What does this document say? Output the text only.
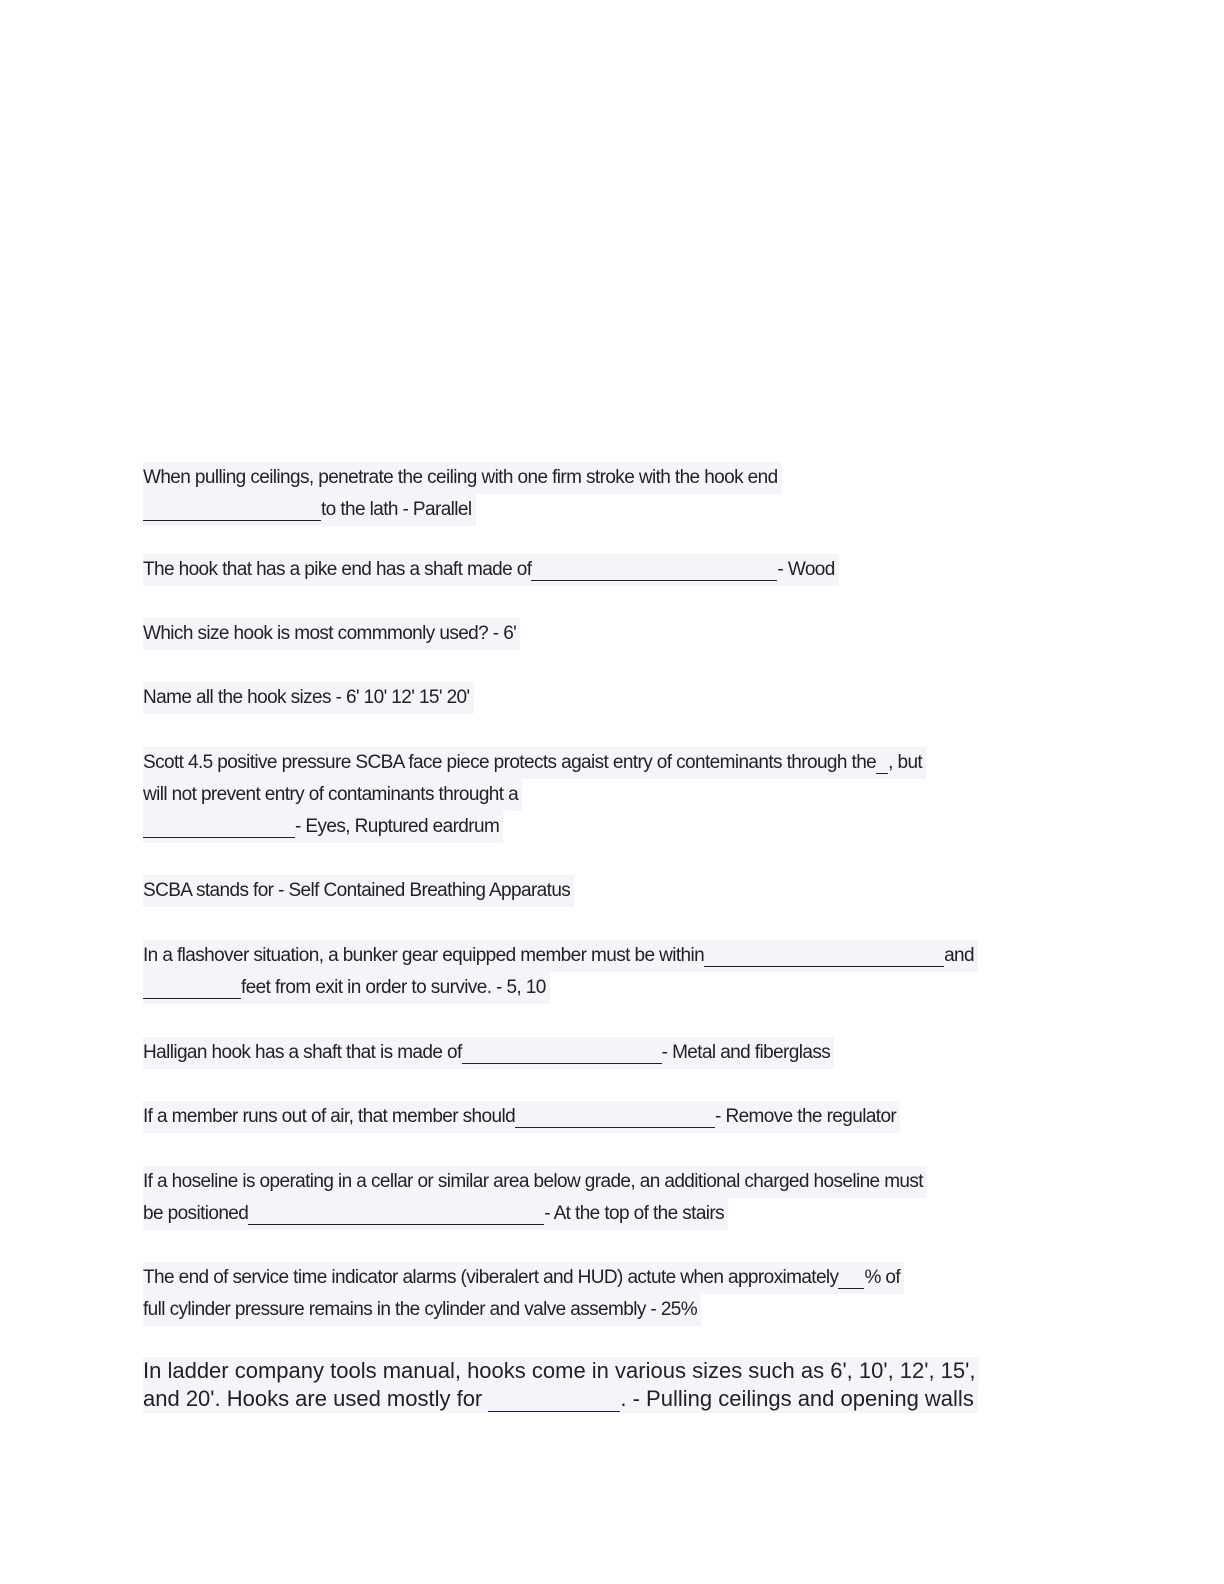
When pulling ceilings, penetrate the ceiling with one firm stroke with the hook end
to the lath - Parallel
The hook that has a pike end has a shaft made of	- Wood
Which size hook is most commmonly used? - 6'
Name all the hook sizes - 6' 10' 12' 15' 20'
Scott 4.5 positive pressure SCBA face piece protects agaist entry of conteminants through the , but
will not prevent entry of contaminants throught a
- Eyes, Ruptured eardrum
SCBA stands for - Self Contained Breathing Apparatus
In a flashover situation, a bunker gear equipped member must be within	and
feet from exit in order to survive. - 5, 10
Halligan hook has a shaft that is made of	- Metal and fiberglass
If a member runs out of air, that member should	- Remove the regulator
If a hoseline is operating in a cellar or similar area below grade, an additional charged hoseline must
be positioned	- At the top of the stairs
The end of service time indicator alarms (viberalert and HUD) actute when approximately % of
full cylinder pressure remains in the cylinder and valve assembly - 25%
In ladder company tools manual, hooks come in various sizes such as 6', 10', 12', 15',
and 20'. Hooks are used mostly for	. - Pulling ceilings and opening walls
